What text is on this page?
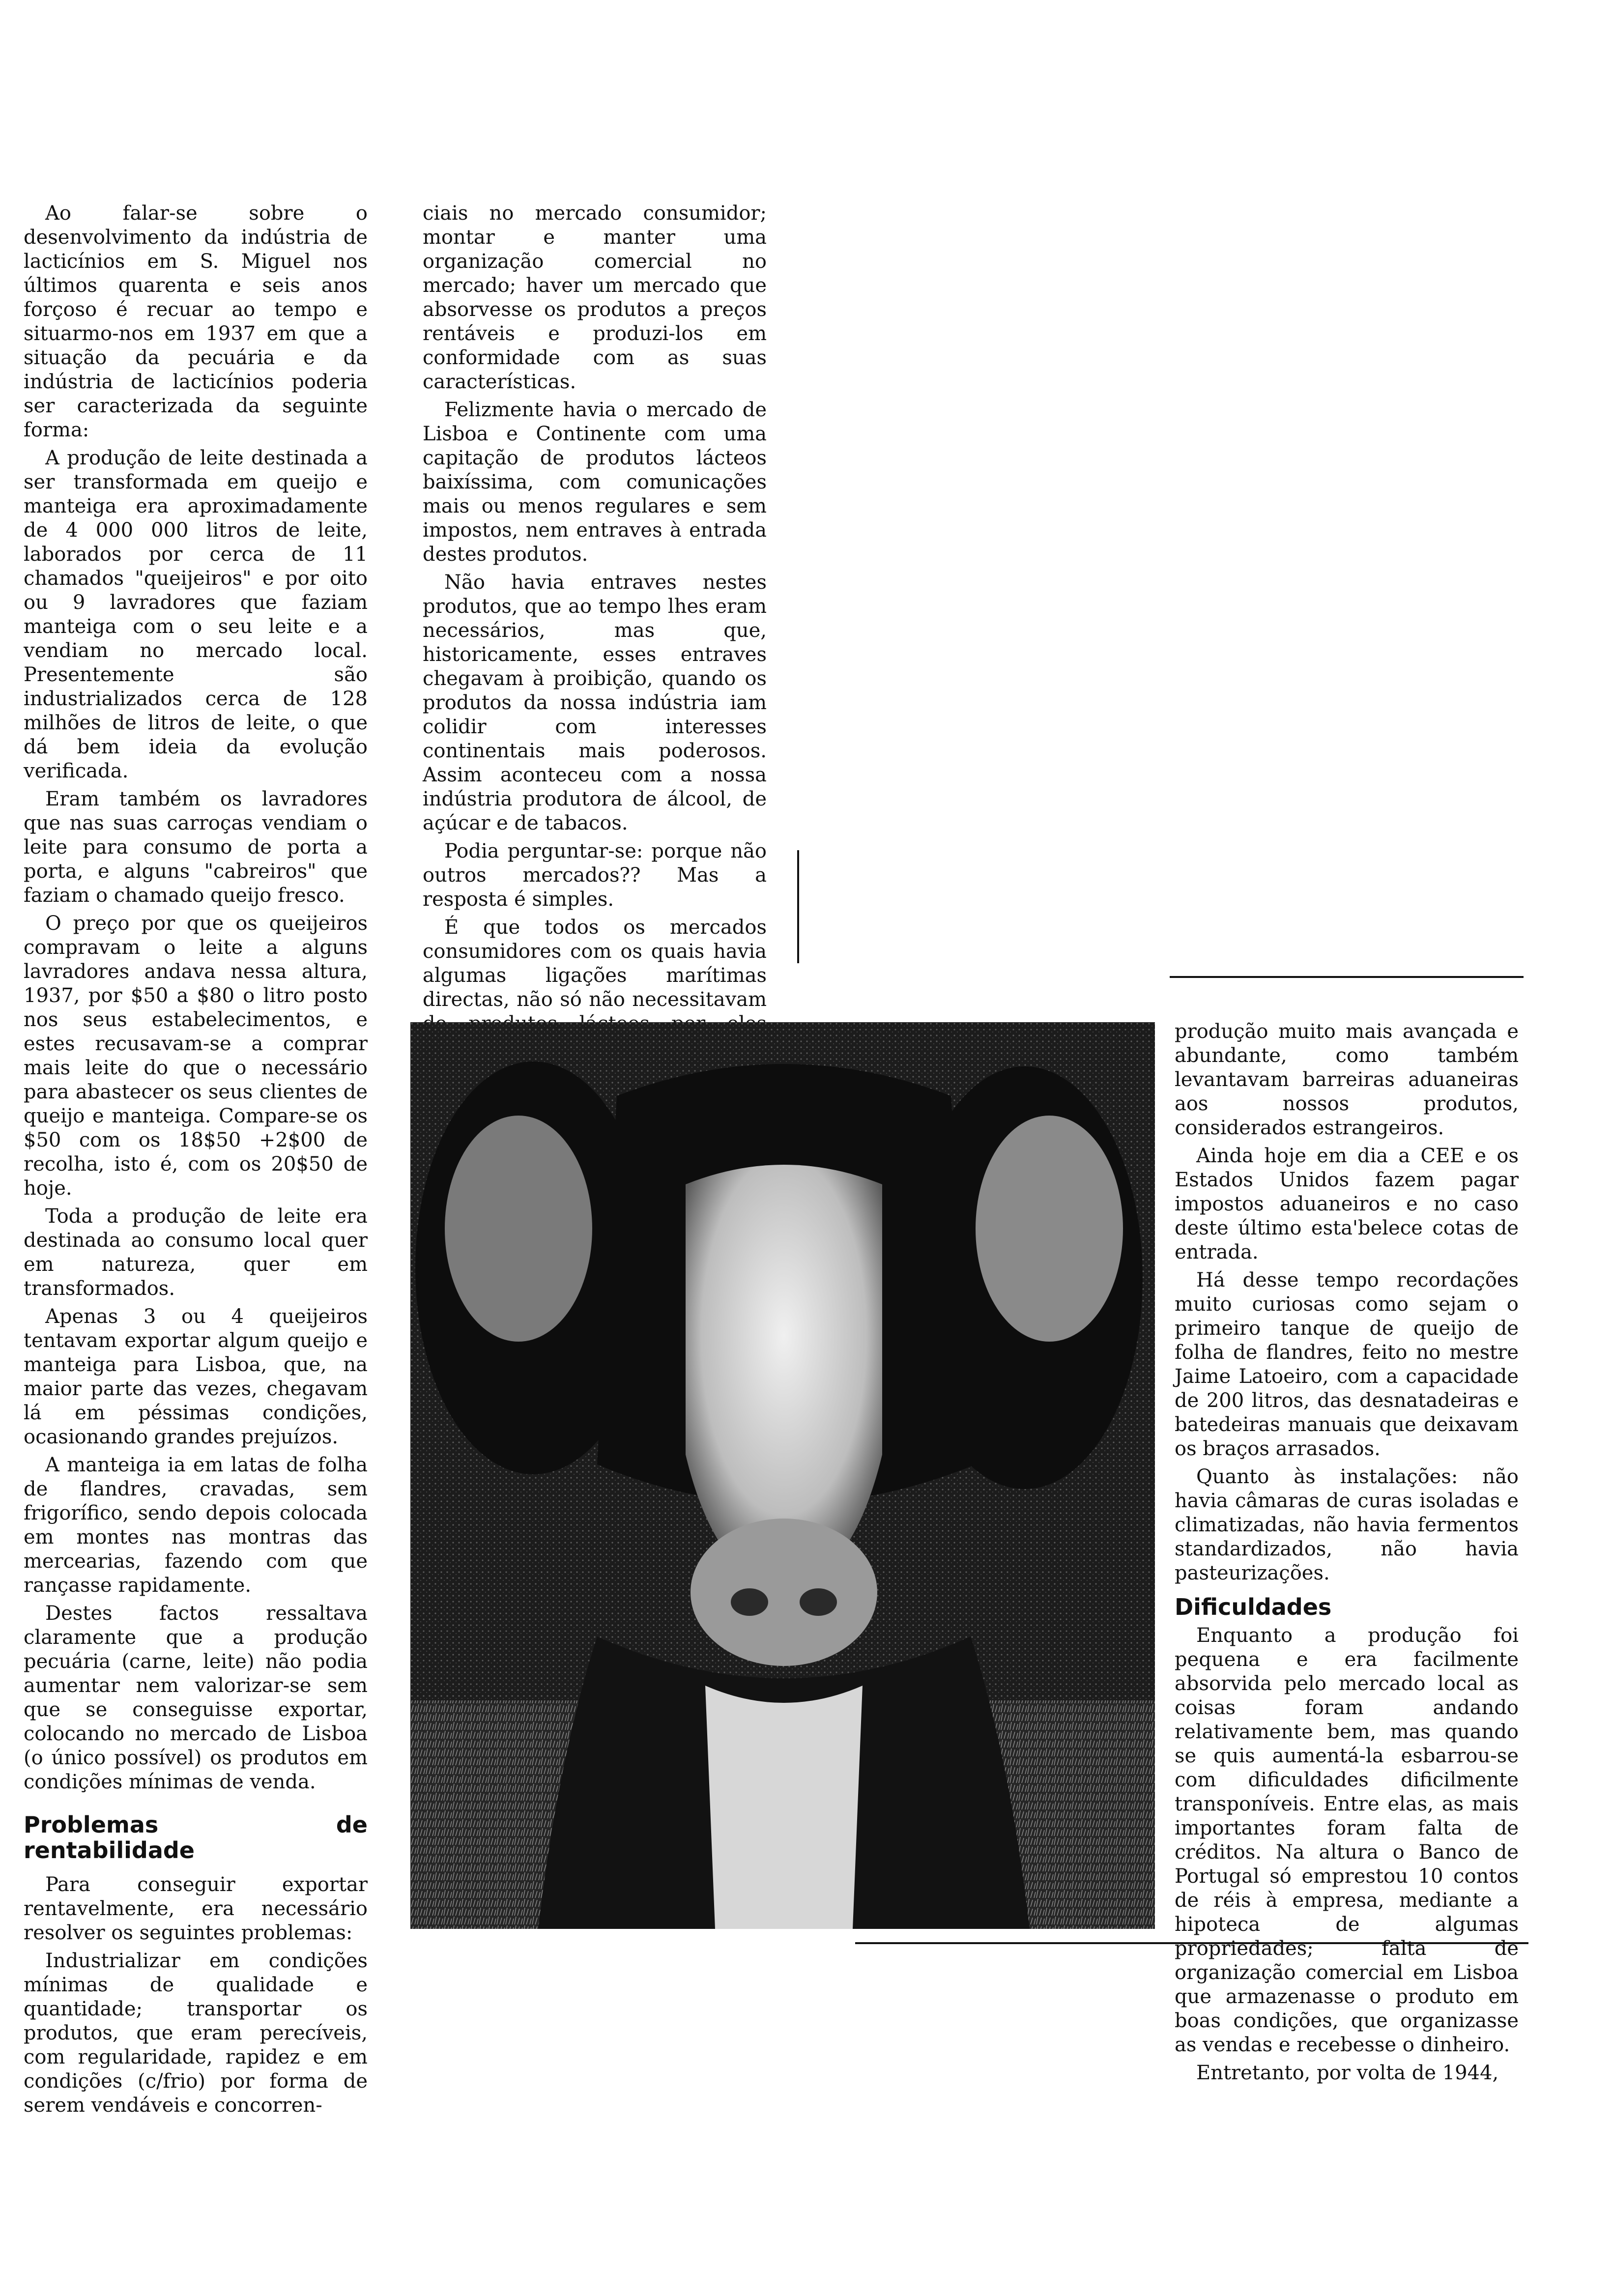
Ao falar-se sobre o desenvolvimento da indústria de lacticínios em S. Miguel nos últimos quarenta e seis anos forçoso é recuar ao tempo e situarmo-nos em 1937 em que a situação da pecuária e da indústria de lacticínios poderia ser caracterizada da seguinte forma:

A produção de leite destinada a ser transformada em queijo e manteiga era aproximadamente de 4 000 000 litros de leite, laborados por cerca de 11 chamados "queijeiros" e por oito ou 9 lavradores que faziam manteiga com o seu leite e a vendiam no mercado local. Presentemente são industrializados cerca de 128 milhões de litros de leite, o que dá bem ideia da evolução verificada.

Eram também os lavradores que nas suas carroças vendiam o leite para consumo de porta a porta, e alguns "cabreiros" que faziam o chamado queijo fresco.

O preço por que os queijeiros compravam o leite a alguns lavradores andava nessa altura, 1937, por $50 a $80 o litro posto nos seus estabelecimentos, e estes recusavam-se a comprar mais leite do que o necessário para abastecer os seus clientes de queijo e manteiga. Compare-se os $50 com os 18$50 +2$00 de recolha, isto é, com os 20$50 de hoje.

Toda a produção de leite era destinada ao consumo local quer em natureza, quer em transformados.

Apenas 3 ou 4 queijeiros tentavam exportar algum queijo e manteiga para Lisboa, que, na maior parte das vezes, chegavam lá em péssimas condições, ocasionando grandes prejuízos.

A manteiga ia em latas de folha de flandres, cravadas, sem frigorífico, sendo depois colocada em montes nas montras das mercearias, fazendo com que rançasse rapidamente.

Destes factos ressaltava claramente que a produção pecuária (carne, leite) não podia aumentar nem valorizar-se sem que se conseguisse exportar, colocando no mercado de Lisboa (o único possível) os produtos em condições mínimas de venda.

Problemas de rentabilidade

Para conseguir exportar rentavelmente, era necessário resolver os seguintes problemas:

Industrializar em condições mínimas de qualidade e quantidade; transportar os produtos, que eram perecíveis, com regularidade, rapidez e em condições (c/frio) por forma de serem vendáveis e concorren-

ciais no mercado consumidor; montar e manter uma organização comercial no mercado; haver um mercado que absorvesse os produtos a preços rentáveis e produzi-los em conformidade com as suas características.

Felizmente havia o mercado de Lisboa e Continente com uma capitação de produtos lácteos baixíssima, com comunicações mais ou menos regulares e sem impostos, nem entraves à entrada destes produtos.

Não havia entraves nestes produtos, que ao tempo lhes eram necessários, mas que, historicamente, esses entraves chegavam à proibição, quando os produtos da nossa indústria iam colidir com interesses continentais mais poderosos. Assim aconteceu com a nossa indústria produtora de álcool, de açúcar e de tabacos.

Podia perguntar-se: porque não outros mercados?? Mas a resposta é simples.

É que todos os mercados consumidores com os quais havia algumas ligações marítimas directas, não só não necessitavam

produção muito mais avançada e abundante, como também levantavam barreiras aduaneiras aos nossos produtos, considerados estrangeiros.

Ainda hoje em dia a CEE e os Estados Unidos fazem pagar impostos aduaneiros e no caso deste último esta'belece cotas de entrada.

Há desse tempo recordações muito curiosas como sejam o primeiro tanque de queijo de folha de flandres, feito no mestre Jaime Latoeiro, com a capacidade de 200 litros, das desnatadeiras e batedeiras manuais que deixavam os braços arrasados.

Quanto às instalações: não havia câmaras de curas isoladas e climatizadas, não havia fermentos standardizados, não havia pasteurizações.

Dificuldades

Enquanto a produção foi pequena e era facilmente absorvida pelo mercado local as coisas foram andando relativamente bem, mas quando se quis aumentá-la esbarrou-se com dificuldades dificilmente transponíveis. Entre elas, as mais importantes foram falta de créditos. Na altura o Banco de Portugal só emprestou 10 contos de réis à empresa, mediante a hipoteca de algumas propriedades; falta de organização comercial em Lisboa que armazenasse o produto em boas condições, que organizasse as vendas e recebesse o dinheiro.

Entretanto, por volta de 1944,
